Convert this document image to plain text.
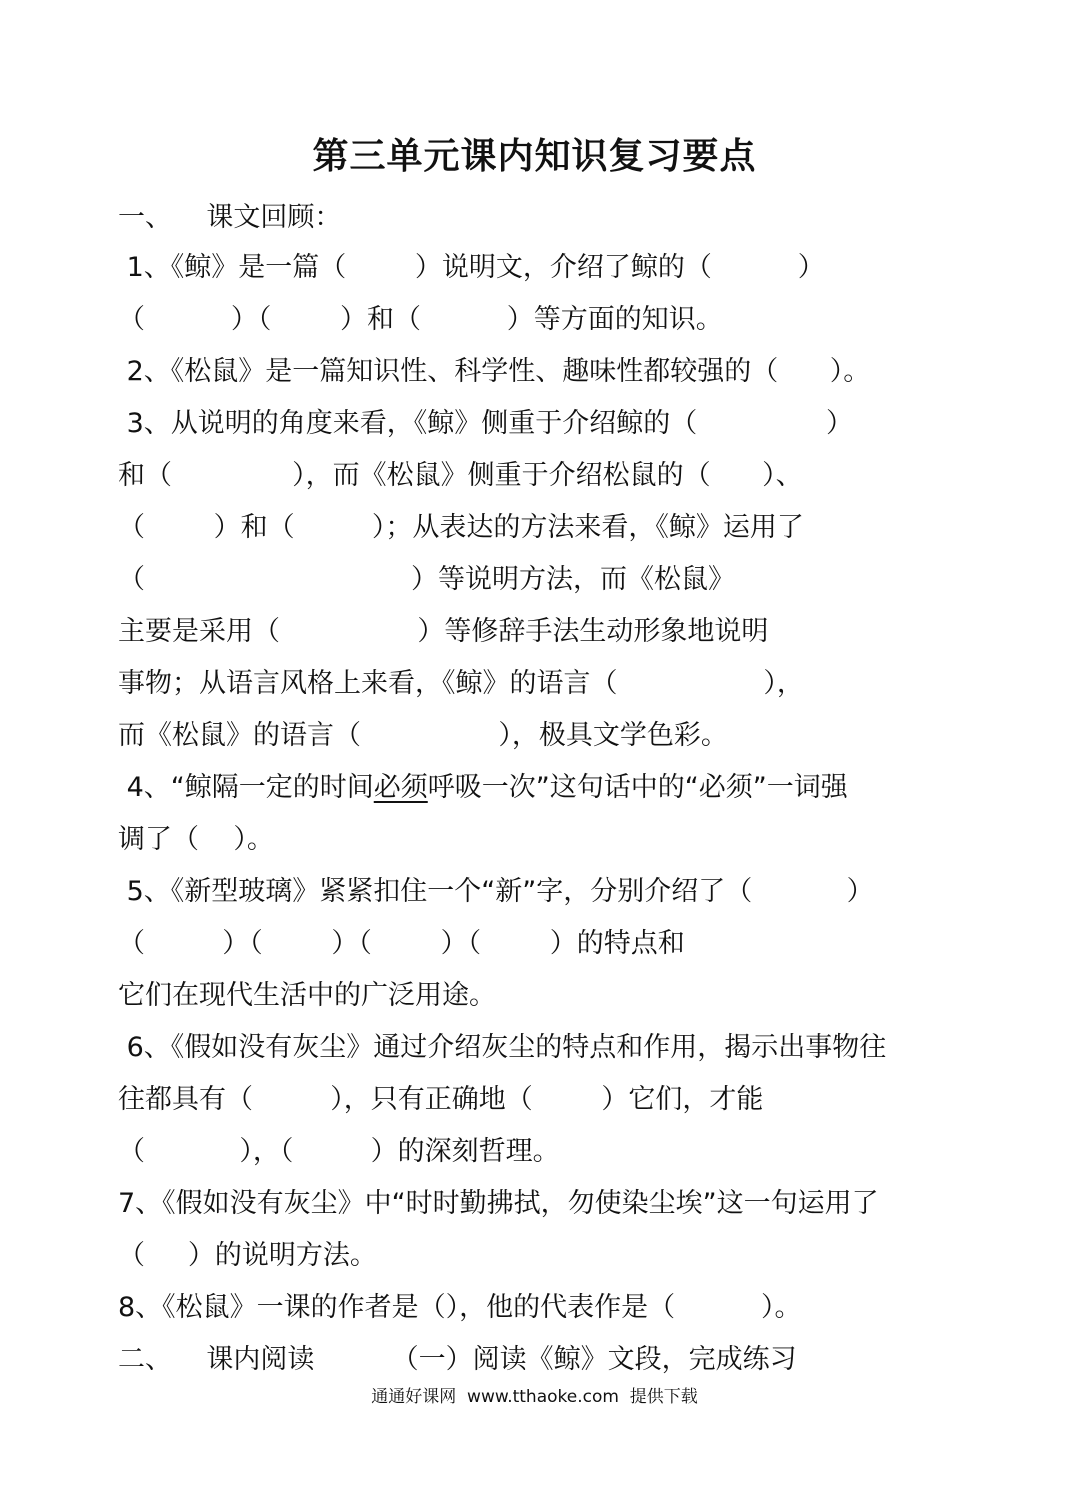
第三单元课内知识复习要点
一、    课文回顾：
1、《鲸》是一篇（        ）说明文，介绍了鲸的（          ）
（          ）（        ）和（          ）等方面的知识。
2、《松鼠》是一篇知识性、科学性、趣味性都较强的（      ）。
3、从说明的角度来看，《鲸》侧重于介绍鲸的（               ）
和（              ），而《松鼠》侧重于介绍松鼠的（      ）、
（        ）和（         ）；从表达的方法来看，《鲸》运用了
（                               ）等说明方法，而《松鼠》
主要是采用（                ）等修辞手法生动形象地说明
事物；从语言风格上来看，《鲸》的语言（                 ），
而《松鼠》的语言（                ），极具文学色彩。
4、“鲸隔一定的时间必须呼吸一次”这句话中的“必须”一词强
调了（    ）。
5、《新型玻璃》紧紧扣住一个“新”字，分别介绍了（           ）
（         ）（        ）（        ）（        ）的特点和
它们在现代生活中的广泛用途。
6、《假如没有灰尘》通过介绍灰尘的特点和作用，揭示出事物往
往都具有（         ），只有正确地（        ）它们，才能
（           ），（         ）的深刻哲理。
7、《假如没有灰尘》中“时时勤拂拭，勿使染尘埃”这一句运用了
（     ）的说明方法。
8、《松鼠》一课的作者是（），他的代表作是（          ）。
二、    课内阅读         （一）阅读《鲸》文段，完成练习
通通好课网  www.tthaoke.com  提供下载
